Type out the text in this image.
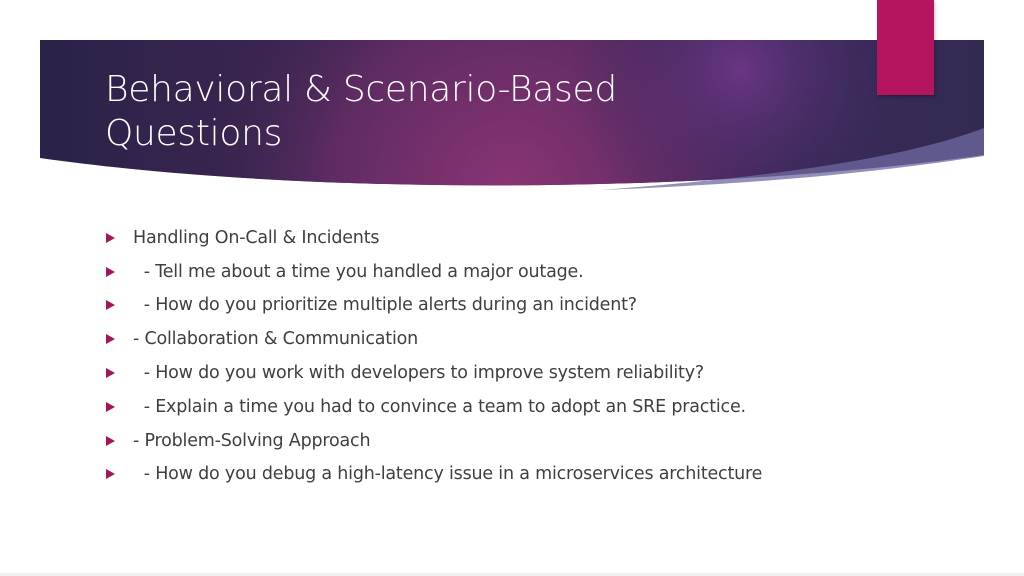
Behavioral & Scenario-Based Questions
Handling On-Call & Incidents
- Tell me about a time you handled a major outage.
- How do you prioritize multiple alerts during an incident?
- Collaboration & Communication
- How do you work with developers to improve system reliability?
- Explain a time you had to convince a team to adopt an SRE practice.
- Problem-Solving Approach
- How do you debug a high-latency issue in a microservices architecture
